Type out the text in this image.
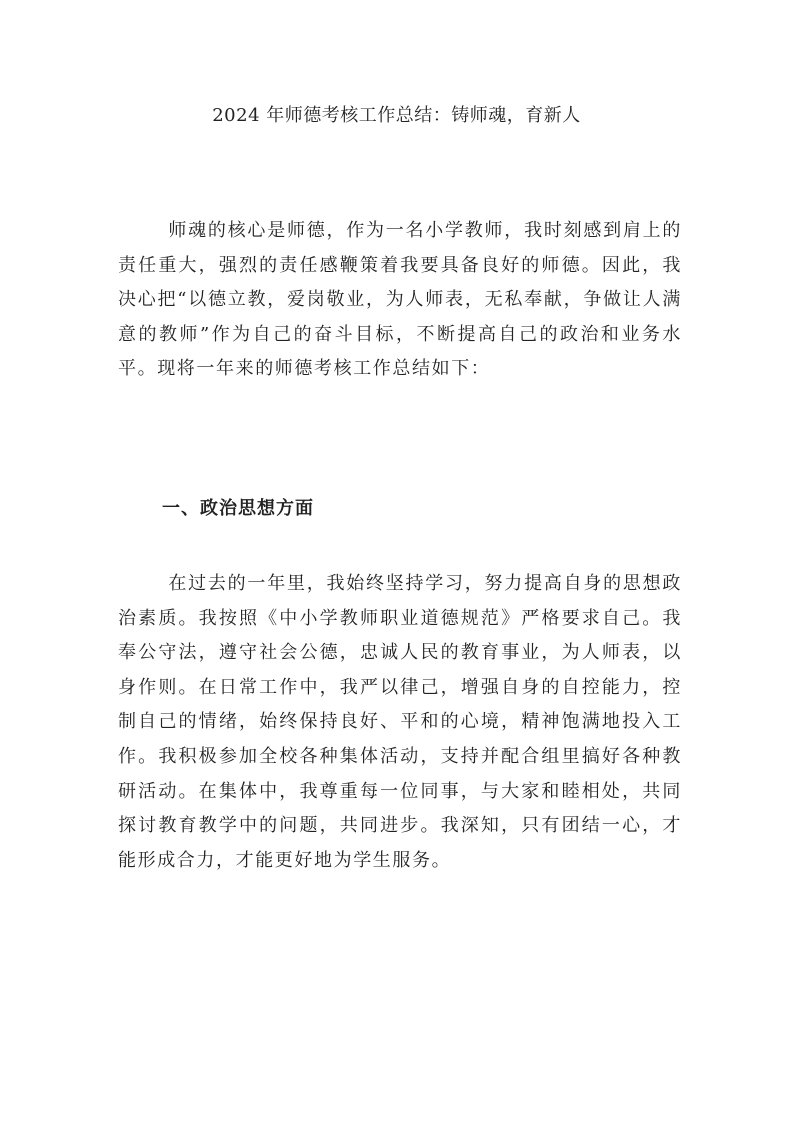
2024 年师德考核工作总结：铸师魂，育新人

师魂的核心是师德，作为一名小学教师，我时刻感到肩上的责任重大，强烈的责任感鞭策着我要具备良好的师德。因此，我决心把“以德立教，爱岗敬业，为人师表，无私奉献，争做让人满意的教师”作为自己的奋斗目标，不断提高自己的政治和业务水平。现将一年来的师德考核工作总结如下：

一、政治思想方面

在过去的一年里，我始终坚持学习，努力提高自身的思想政治素质。我按照《中小学教师职业道德规范》严格要求自己。我奉公守法，遵守社会公德，忠诚人民的教育事业，为人师表，以身作则。在日常工作中，我严以律己，增强自身的自控能力，控制自己的情绪，始终保持良好、平和的心境，精神饱满地投入工作。我积极参加全校各种集体活动，支持并配合组里搞好各种教研活动。在集体中，我尊重每一位同事，与大家和睦相处，共同探讨教育教学中的问题，共同进步。我深知，只有团结一心，才能形成合力，才能更好地为学生服务。
